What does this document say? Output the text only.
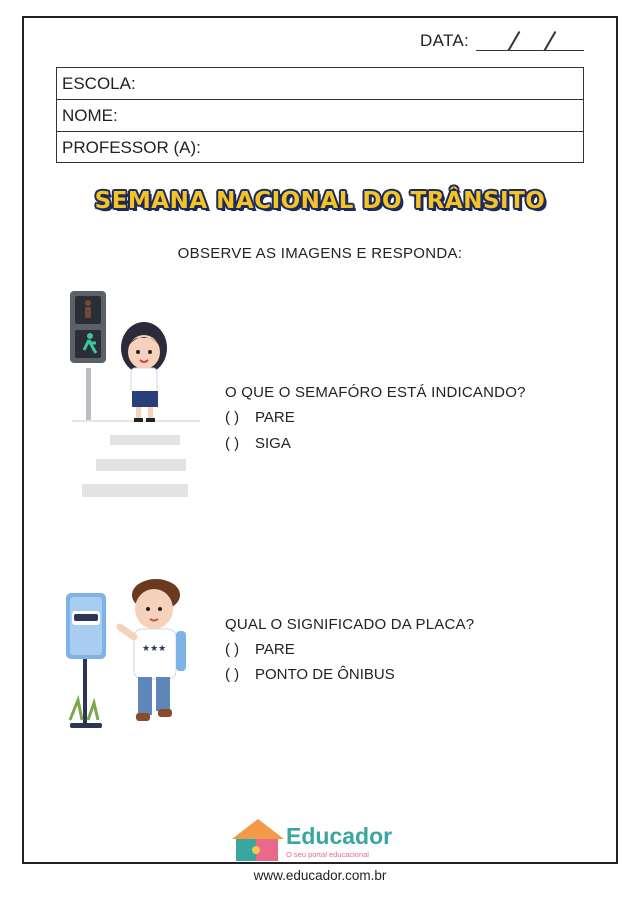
DATA:
ESCOLA:
NOME:
PROFESSOR (A):
SEMANA NACIONAL DO TRÂNSITO
OBSERVE AS IMAGENS E RESPONDA:
O QUE O SEMAFÓRO ESTÁ INDICANDO?
( ) PARE
( ) SIGA
★★★
QUAL O SIGNIFICADO DA PLACA?
( ) PARE
( ) PONTO DE ÔNIBUS
Educador
O seu portal educacional
www.educador.com.br
